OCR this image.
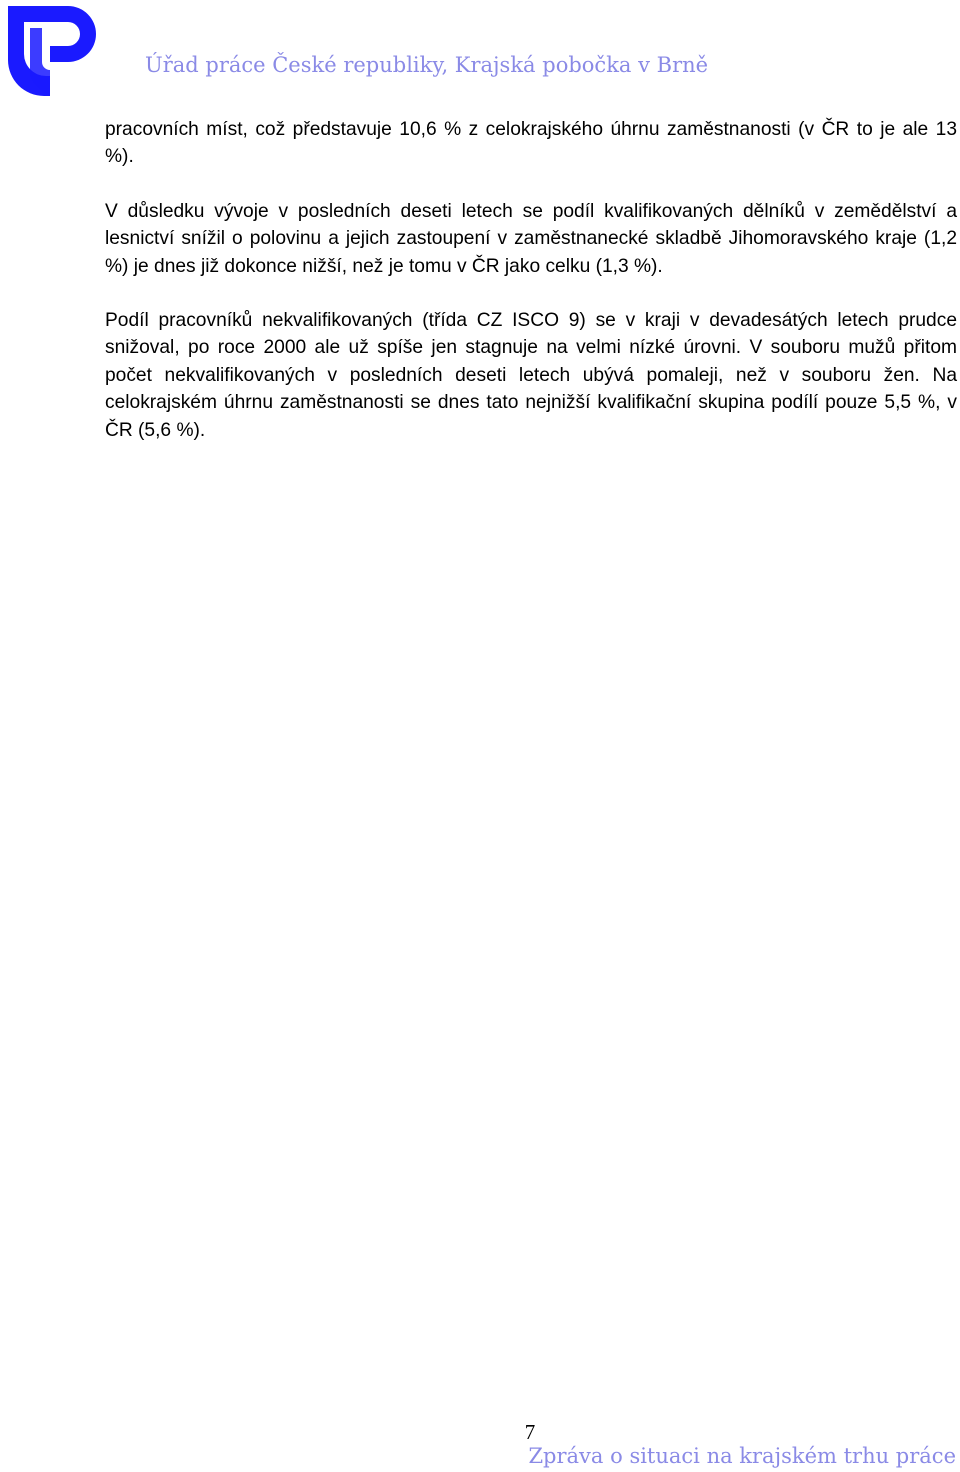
Úřad práce České republiky, Krajská pobočka v Brně

pracovních míst, což představuje 10,6 % z celokrajského úhrnu zaměstnanosti (v ČR to je ale 13 %).

V důsledku vývoje v posledních deseti letech se podíl kvalifikovaných dělníků v zemědělství a lesnictví snížil o polovinu a jejich zastoupení v zaměstnanecké skladbě Jihomoravského kraje (1,2 %) je dnes již dokonce nižší, než je tomu v ČR jako celku (1,3 %).

Podíl pracovníků nekvalifikovaných (třída CZ ISCO 9) se v kraji v devadesátých letech prudce snižoval, po roce 2000 ale už spíše jen stagnuje na velmi nízké úrovni. V souboru mužů přitom počet nekvalifikovaných v posledních deseti letech ubývá pomaleji, než v souboru žen. Na celokrajském úhrnu zaměstnanosti se dnes tato nejnižší kvalifikační skupina podílí pouze 5,5 %, v ČR (5,6 %).

7
Zpráva o situaci na krajském trhu práce
